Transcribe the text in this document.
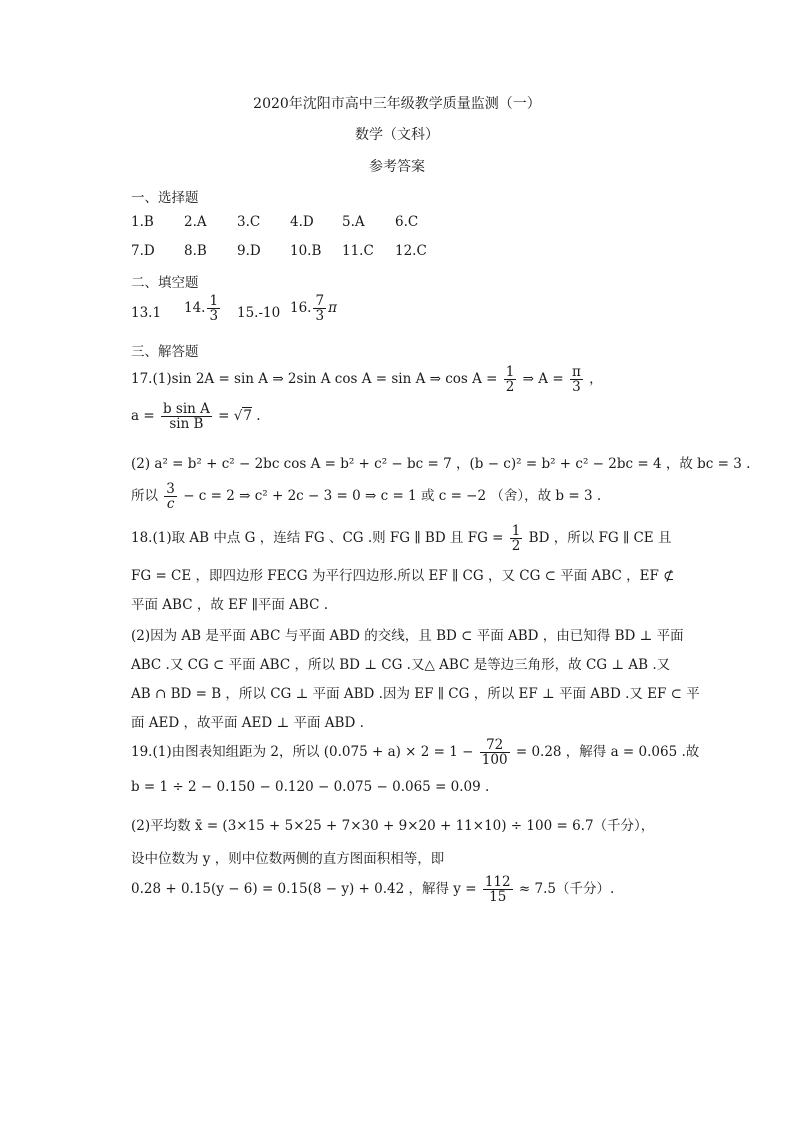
2020年沈阳市高中三年级教学质量监测（一）
数学（文科）
参考答案
一、选择题
1.B 2.A 3.C 4.D 5.A 6.C
7.D 8.B 9.D 10.B 11.C 12.C
二、填空题
13.1 14. $\frac{1}{3} 15.-10$ 16. $\frac{7}{3}$ π
三、解答题
17.(1)sin 2A = sin A ⇒ 2sin A cos A = sin A ⇒ $\cos A = \frac{1}{2}$ ⇒ $A = \frac{\pi}{3}$ ，
$a = \frac{\text{b sin A}}{\text{sin B}} = √7$ .
(2) a² = b² + c² − 2bc cos A = b² + c² − bc = 7 ，(b − c)² = b² + c² − 2bc = 4 ，故 bc = 3 .
所以 $\frac{3}{c} - c = 2$ ⇒ c² + 2c − 3 = 0 ⇒ c = 1 或 c = −2 （舍），故 b = 3 .
18.(1)取 AB 中点 G ，连结 FG 、CG .则 FG ∥ BD 且 FG = $\frac{1}{2}$ BD ，所以 FG ∥ CE 且
FG = CE ，即四边形 FECG 为平行四边形.所以 EF ∥ CG ，又 CG ⊂ 平面 ABC ，EF ⊄
平面 ABC ，故 EF ∥平面 ABC .
(2)因为 AB 是平面 ABC 与平面 ABD 的交线，且 BD ⊂ 平面 ABD ，由已知得 BD ⊥ 平面
ABC .又 CG ⊂ 平面 ABC ，所以 BD ⊥ CG .又△ ABC 是等边三角形，故 CG ⊥ AB .又
AB ∩ BD = B ，所以 CG ⊥ 平面 ABD .因为 EF ∥ CG ，所以 EF ⊥ 平面 ABD .又 EF ⊂ 平
面 AED ，故平面 AED ⊥ 平面 ABD .
19.(1)由图表知组距为 2，所以 $(0.075 + a) \times 2 = 1 - \frac{72}{100} = 0.28$ ，解得 a = 0.065 .故
b = 1 ÷ 2 − 0.150 − 0.120 − 0.075 − 0.065 = 0.09 .
(2)平均数 x̄ = (3×15 + 5×25 + 7×30 + 9×20 + 11×10) ÷ 100 = 6.7（千分），
设中位数为 y ，则中位数两侧的直方图面积相等，即
0.28 + 0.15(y − 6) = 0.15(8 − y) + 0.42 ，解得 $y = \frac{112}{15} \approx 7.5$（千分）.
